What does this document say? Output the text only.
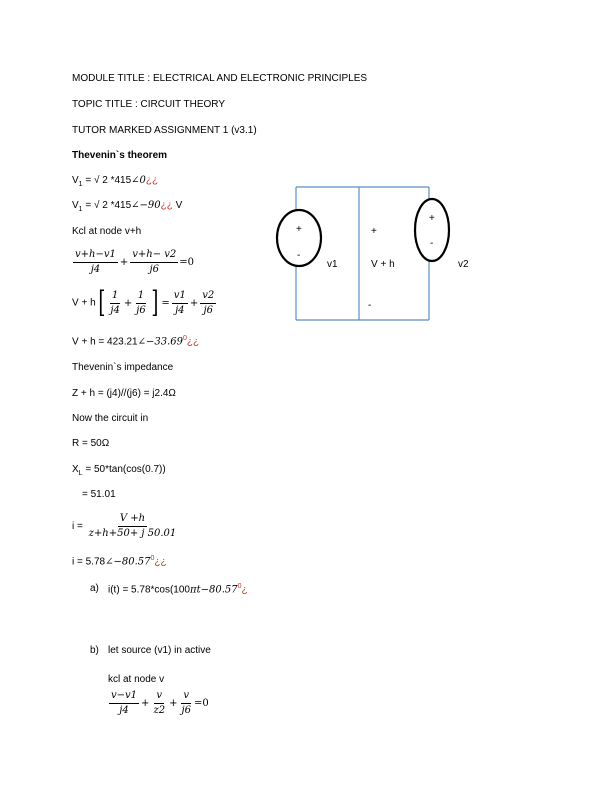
MODULE TITLE : ELECTRICAL AND ELECTRONIC PRINCIPLES
TOPIC TITLE : CIRCUIT THEORY
TUTOR MARKED ASSIGNMENT 1 (v3.1)
Thevenin`s theorem
$V_1$ = √ 2 *415∠0¿¿
$V_1$ = √ 2 *415∠−90¿¿ V
Kcl at node v+h
$\frac{v+h-v1}{j4} + \frac{v+h- v2}{j6} =0$
$V + h[ \frac{1}{j4} + \frac{1}{j6}$ ] = $\frac{v1}{j4} + \frac{v2}{j6}$
$V + h = 423.21\angle-33.69^0¿¿$
Thevenin`s impedance
Z + h = (j4)//(j6) = j2.4Ω
Now the circuit in
R = 50Ω
$X_L = 50*\tan(\cos(0.7))$
= 51.01
$i = \frac{V +h}{z+h+50+ j 50.01}$
$i = 5.78\angle-80.57^0¿¿$
a) $i(t) = 5.78*\cos(100\pi t-80.57^0¿$
b) let source (v1) in active
kcl at node v
$\frac{v-v1}{j4} + \frac{v}{z2} + \frac{v}{j6} =0$
+
-
v1
+
V + h
-
+
-
v2
